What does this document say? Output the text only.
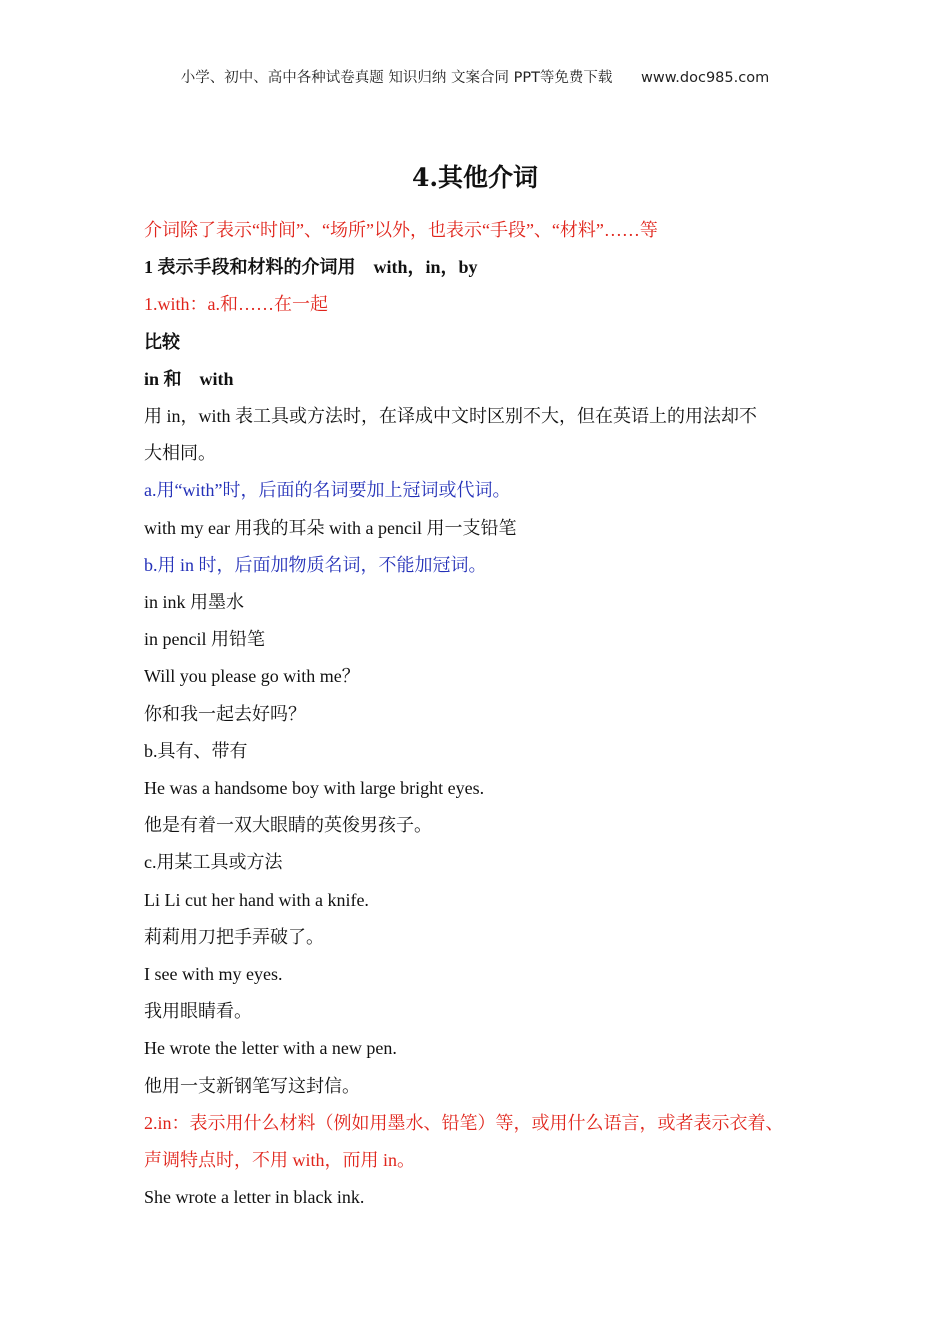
小学、初中、高中各种试卷真题 知识归纳 文案合同 PPT等免费下载 www.doc985.com
4.其他介词
介词除了表示“时间”、“场所”以外，也表示“手段”、“材料”……等
1 表示手段和材料的介词用　with，in，by
1.with：a.和……在一起
比较
in 和　with
用 in，with 表工具或方法时，在译成中文时区别不大，但在英语上的用法却不
大相同。
a.用“with”时，后面的名词要加上冠词或代词。
with my ear 用我的耳朵 with a pencil 用一支铅笔
b.用 in 时，后面加物质名词，不能加冠词。
in ink 用墨水
in pencil 用铅笔
Will you please go with me？
你和我一起去好吗？
b.具有、带有
He was a handsome boy with large bright eyes.
他是有着一双大眼睛的英俊男孩子。
c.用某工具或方法
Li Li cut her hand with a knife.
莉莉用刀把手弄破了。
I see with my eyes.
我用眼睛看。
He wrote the letter with a new pen.
他用一支新钢笔写这封信。
2.in：表示用什么材料（例如用墨水、铅笔）等，或用什么语言，或者表示衣着、
声调特点时，不用 with，而用 in。
She wrote a letter in black ink.
